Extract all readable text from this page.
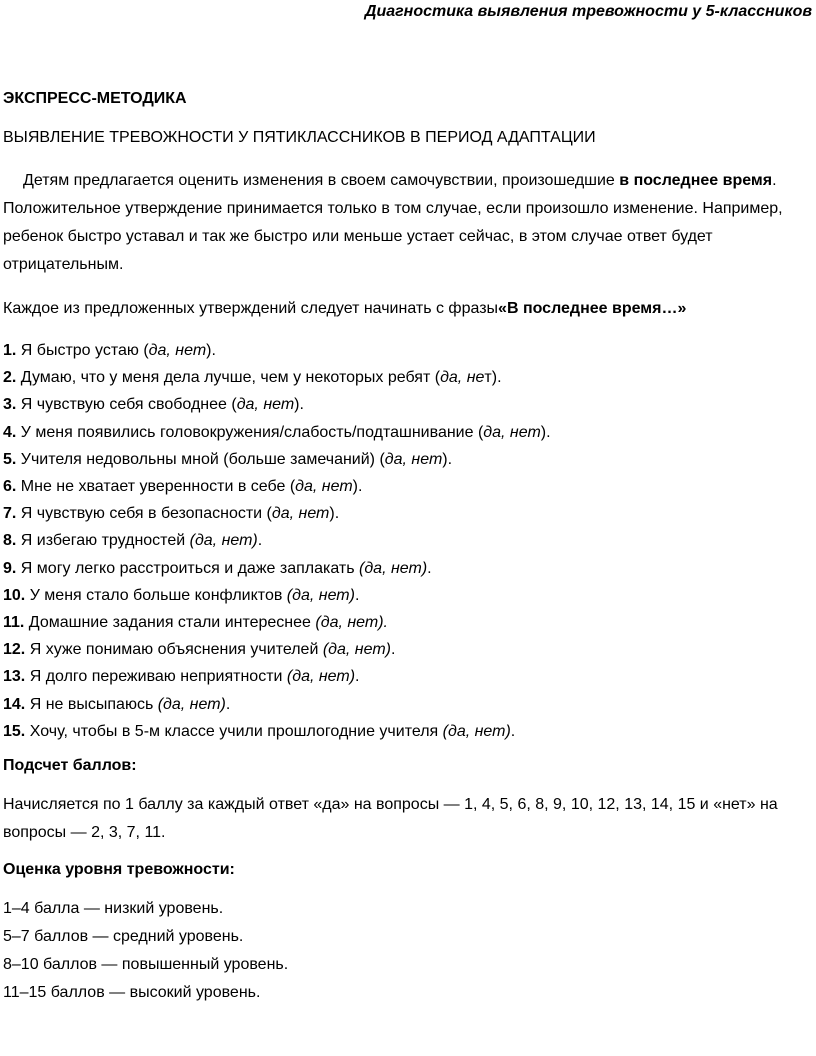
Диагностика выявления тревожности у 5-классников

ЭКСПРЕСС-МЕТОДИКА

ВЫЯВЛЕНИЕ ТРЕВОЖНОСТИ У ПЯТИКЛАССНИКОВ В ПЕРИОД АДАПТАЦИИ

Детям предлагается оценить изменения в своем самочувствии, произошедшие в последнее время. Положительное утверждение принимается только в том случае, если произошло изменение. Например, ребенок быстро уставал и так же быстро или меньше устает сейчас, в этом случае ответ будет отрицательным.

Каждое из предложенных утверждений следует начинать с фразы«В последнее время…»

1. Я быстро устаю (да, нет).

2. Думаю, что у меня дела лучше, чем у некоторых ребят (да, нет).

3. Я чувствую себя свободнее (да, нет).

4. У меня появились головокружения/слабость/подташнивание (да, нет).

5. Учителя недовольны мной (больше замечаний) (да, нет).

6. Мне не хватает уверенности в себе (да, нет).

7. Я чувствую себя в безопасности (да, нет).

8. Я избегаю трудностей (да, нет).

9. Я могу легко расстроиться и даже заплакать (да, нет).

10. У меня стало больше конфликтов (да, нет).

11. Домашние задания стали интереснее (да, нет).

12. Я хуже понимаю объяснения учителей (да, нет).

13. Я долго переживаю неприятности (да, нет).

14. Я не высыпаюсь (да, нет).

15. Хочу, чтобы в 5-м классе учили прошлогодние учителя (да, нет).

Подсчет баллов:

Начисляется по 1 баллу за каждый ответ «да» на вопросы — 1, 4, 5, 6, 8, 9, 10, 12, 13, 14, 15 и «нет» на вопросы — 2, 3, 7, 11.

Оценка уровня тревожности:

1–4 балла — низкий уровень.

5–7 баллов — средний уровень.

8–10 баллов — повышенный уровень.

11–15 баллов — высокий уровень.
